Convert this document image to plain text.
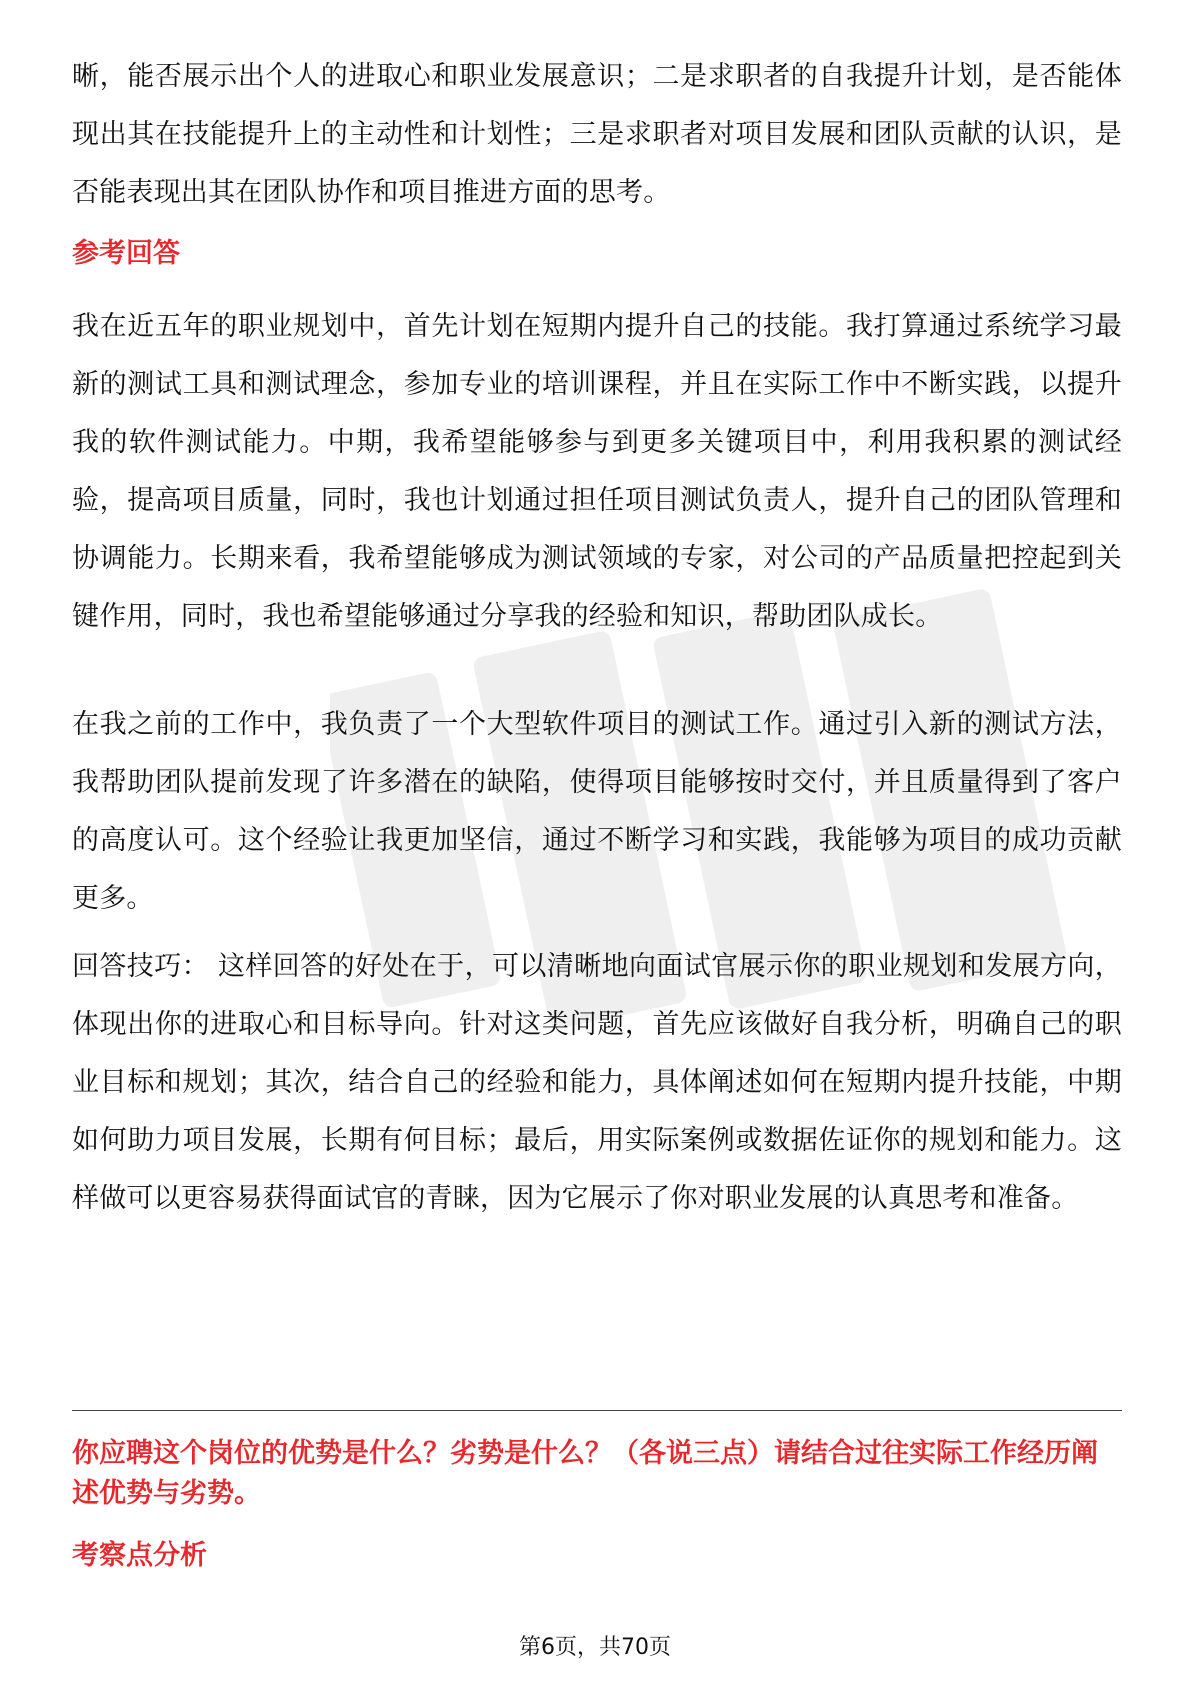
晰，能否展示出个人的进取心和职业发展意识；二是求职者的自我提升计划，是否能体现出其在技能提升上的主动性和计划性；三是求职者对项目发展和团队贡献的认识，是否能表现出其在团队协作和项目推进方面的思考。

参考回答

我在近五年的职业规划中，首先计划在短期内提升自己的技能。我打算通过系统学习最新的测试工具和测试理念，参加专业的培训课程，并且在实际工作中不断实践，以提升我的软件测试能力。中期，我希望能够参与到更多关键项目中，利用我积累的测试经验，提高项目质量，同时，我也计划通过担任项目测试负责人，提升自己的团队管理和协调能力。长期来看，我希望能够成为测试领域的专家，对公司的产品质量把控起到关键作用，同时，我也希望能够通过分享我的经验和知识，帮助团队成长。

在我之前的工作中，我负责了一个大型软件项目的测试工作。通过引入新的测试方法，我帮助团队提前发现了许多潜在的缺陷，使得项目能够按时交付，并且质量得到了客户的高度认可。这个经验让我更加坚信，通过不断学习和实践，我能够为项目的成功贡献更多。

回答技巧： 这样回答的好处在于，可以清晰地向面试官展示你的职业规划和发展方向，体现出你的进取心和目标导向。针对这类问题，首先应该做好自我分析，明确自己的职业目标和规划；其次，结合自己的经验和能力，具体阐述如何在短期内提升技能，中期如何助力项目发展，长期有何目标；最后，用实际案例或数据佐证你的规划和能力。这样做可以更容易获得面试官的青睐，因为它展示了你对职业发展的认真思考和准备。

你应聘这个岗位的优势是什么？劣势是什么？（各说三点）请结合过往实际工作经历阐述优势与劣势。

考察点分析

第6页，共70页
